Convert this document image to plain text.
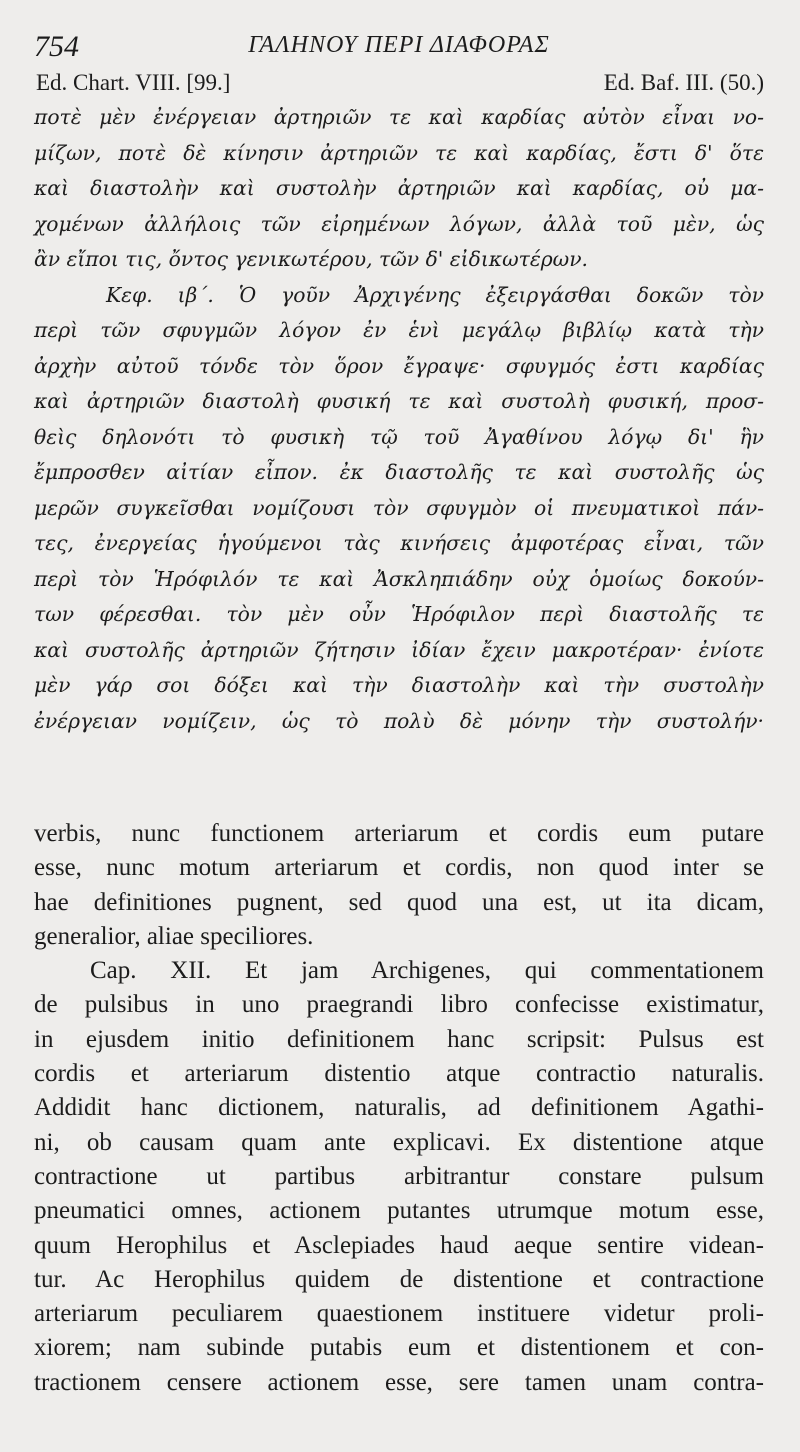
754	ΓΑΛΗΝΟΥ ΠΕΡΙ ΔΙΑΦΟΡΑΣ
Ed. Chart. VIII. [99.]	Ed. Baf. III. (50.)
ποτὲ μὲν ἐνέργειαν ἀρτηριῶν τε καὶ καρδίας αὐτὸν εἶναι νο-
μίζων, ποτὲ δὲ κίνησιν ἀρτηριῶν τε καὶ καρδίας, ἔστι δ' ὅτε
καὶ διαστολὴν καὶ συστολὴν ἀρτηριῶν καὶ καρδίας, οὐ μα-
χομένων ἀλλήλοις τῶν εἰρημένων λόγων, ἀλλὰ τοῦ μὲν, ὡς
ἂν εἴποι τις, ὄντος γενικωτέρου, τῶν δ' εἰδικωτέρων.
Κεφ. ιβ΄. Ὁ γοῦν Ἀρχιγένης ἐξειργάσθαι δοκῶν τὸν
περὶ τῶν σφυγμῶν λόγον ἐν ἑνὶ μεγάλῳ βιβλίῳ κατὰ τὴν
ἀρχὴν αὐτοῦ τόνδε τὸν ὅρον ἔγραψε· σφυγμός ἐστι καρδίας
καὶ ἀρτηριῶν διαστολὴ φυσική τε καὶ συστολὴ φυσική, προσ-
θεὶς δηλονότι τὸ φυσικὴ τῷ τοῦ Ἀγαθίνου λόγῳ δι' ἣν
ἔμπροσθεν αἰτίαν εἶπον. ἐκ διαστολῆς τε καὶ συστολῆς ὡς
μερῶν συγκεῖσθαι νομίζουσι τὸν σφυγμὸν οἱ πνευματικοὶ πάν-
τες, ἐνεργείας ἡγούμενοι τὰς κινήσεις ἀμφοτέρας εἶναι, τῶν
περὶ τὸν Ἡρόφιλόν τε καὶ Ἀσκληπιάδην οὐχ ὁμοίως δοκούν-
των φέρεσθαι. τὸν μὲν οὖν Ἡρόφιλον περὶ διαστολῆς τε
καὶ συστολῆς ἀρτηριῶν ζήτησιν ἰδίαν ἔχειν μακροτέραν· ἐνίοτε
μὲν γάρ σοι δόξει καὶ τὴν διαστολὴν καὶ τὴν συστολὴν
ἐνέργειαν νομίζειν, ὡς τὸ πολὺ δὲ μόνην τὴν συστολήν·
verbis, nunc functionem arteriarum et cordis eum putare
esse, nunc motum arteriarum et cordis, non quod inter se
hae definitiones pugnent, sed quod una est, ut ita dicam,
generalior, aliae speciliores.
Cap. XII. Et jam Archigenes, qui commentationem
de pulsibus in uno praegrandi libro confecisse existimatur,
in ejusdem initio definitionem hanc scripsit: Pulsus est
cordis et arteriarum distentio atque contractio naturalis.
Addidit hanc dictionem, naturalis, ad definitionem Agathi-
ni, ob causam quam ante explicavi. Ex distentione atque
contractione ut partibus arbitrantur constare pulsum
pneumatici omnes, actionem putantes utrumque motum esse,
quum Herophilus et Asclepiades haud aeque sentire videan-
tur. Ac Herophilus quidem de distentione et contractione
arteriarum peculiarem quaestionem instituere videtur proli-
xiorem; nam subinde putabis eum et distentionem et con-
tractionem censere actionem esse, sere tamen unam contra-
